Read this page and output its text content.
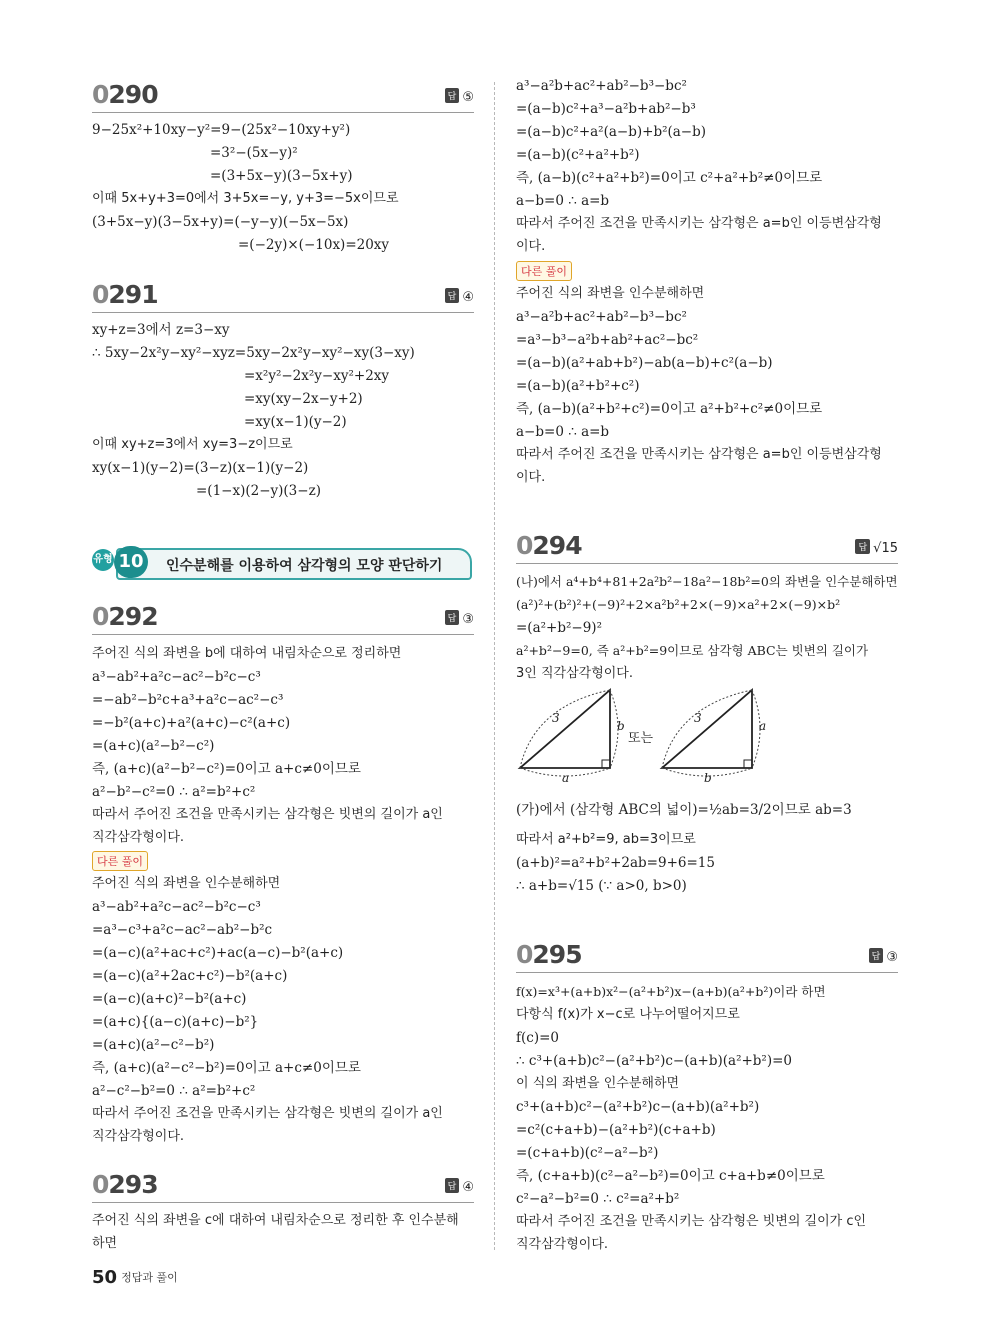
0290	답 ⑤
9−25x²+10xy−y²=9−(25x²−10xy+y²)
=3²−(5x−y)²
=(3+5x−y)(3−5x+y)
이때 5x+y+3=0에서 3+5x=−y, y+3=−5x이므로
(3+5x−y)(3−5x+y)=(−y−y)(−5x−5x)
=(−2y)×(−10x)=20xy
0291	답 ④
xy+z=3에서 z=3−xy
∴ 5xy−2x²y−xy²−xyz=5xy−2x²y−xy²−xy(3−xy)
=x²y²−2x²y−xy²+2xy
=xy(xy−2x−y+2)
=xy(x−1)(y−2)
이때 xy+z=3에서 xy=3−z이므로
xy(x−1)(y−2)=(3−z)(x−1)(y−2)
=(1−x)(2−y)(3−z)
0292	답 ③
주어진 식의 좌변을 b에 대하여 내림차순으로 정리하면
a³−ab²+a²c−ac²−b²c−c³
=−ab²−b²c+a³+a²c−ac²−c³
=−b²(a+c)+a²(a+c)−c²(a+c)
=(a+c)(a²−b²−c²)
즉, (a+c)(a²−b²−c²)=0이고 a+c≠0이므로
a²−b²−c²=0 ∴ a²=b²+c²
따라서 주어진 조건을 만족시키는 삼각형은 빗변의 길이가 a인
직각삼각형이다.
다른 풀이
주어진 식의 좌변을 인수분해하면
a³−ab²+a²c−ac²−b²c−c³
=a³−c³+a²c−ac²−ab²−b²c
=(a−c)(a²+ac+c²)+ac(a−c)−b²(a+c)
=(a−c)(a²+2ac+c²)−b²(a+c)
=(a−c)(a+c)²−b²(a+c)
=(a+c){(a−c)(a+c)−b²}
=(a+c)(a²−c²−b²)
즉, (a+c)(a²−c²−b²)=0이고 a+c≠0이므로
a²−c²−b²=0 ∴ a²=b²+c²
따라서 주어진 조건을 만족시키는 삼각형은 빗변의 길이가 a인
직각삼각형이다.
0293	답 ④
주어진 식의 좌변을 c에 대하여 내림차순으로 정리한 후 인수분해
하면
인수분해를 이용하여 삼각형의 모양 판단하기
유형 10
a³−a²b+ac²+ab²−b³−bc²
=(a−b)c²+a³−a²b+ab²−b³
=(a−b)c²+a²(a−b)+b²(a−b)
=(a−b)(c²+a²+b²)
즉, (a−b)(c²+a²+b²)=0이고 c²+a²+b²≠0이므로
a−b=0 ∴ a=b
따라서 주어진 조건을 만족시키는 삼각형은 a=b인 이등변삼각형
이다.
다른 풀이
주어진 식의 좌변을 인수분해하면
a³−a²b+ac²+ab²−b³−bc²
=a³−b³−a²b+ab²+ac²−bc²
=(a−b)(a²+ab+b²)−ab(a−b)+c²(a−b)
=(a−b)(a²+b²+c²)
즉, (a−b)(a²+b²+c²)=0이고 a²+b²+c²≠0이므로
a−b=0 ∴ a=b
따라서 주어진 조건을 만족시키는 삼각형은 a=b인 이등변삼각형
이다.
0294	답 √15
(나)에서 a⁴+b⁴+81+2a²b²−18a²−18b²=0의 좌변을 인수분해하면
(a²)²+(b²)²+(−9)²+2×a²b²+2×(−9)×a²+2×(−9)×b²
=(a²+b²−9)²
a²+b²−9=0, 즉 a²+b²=9이므로 삼각형 ABC는 빗변의 길이가
3인 직각삼각형이다.
(가)에서 (삼각형 ABC의 넓이)=½ab=3/2이므로 ab=3
따라서 a²+b²=9, ab=3이므로
(a+b)²=a²+b²+2ab=9+6=15
∴ a+b=√15 (∵ a>0, b>0)
0295	답 ③
f(x)=x³+(a+b)x²−(a²+b²)x−(a+b)(a²+b²)이라 하면
다항식 f(x)가 x−c로 나누어떨어지므로
f(c)=0
∴ c³+(a+b)c²−(a²+b²)c−(a+b)(a²+b²)=0
이 식의 좌변을 인수분해하면
c³+(a+b)c²−(a²+b²)c−(a+b)(a²+b²)
=c²(c+a+b)−(a²+b²)(c+a+b)
=(c+a+b)(c²−a²−b²)
즉, (c+a+b)(c²−a²−b²)=0이고 c+a+b≠0이므로
c²−a²−b²=0 ∴ c²=a²+b²
따라서 주어진 조건을 만족시키는 삼각형은 빗변의 길이가 c인
직각삼각형이다.
3
b
a
또는
3
a
b
50 정답과 풀이
